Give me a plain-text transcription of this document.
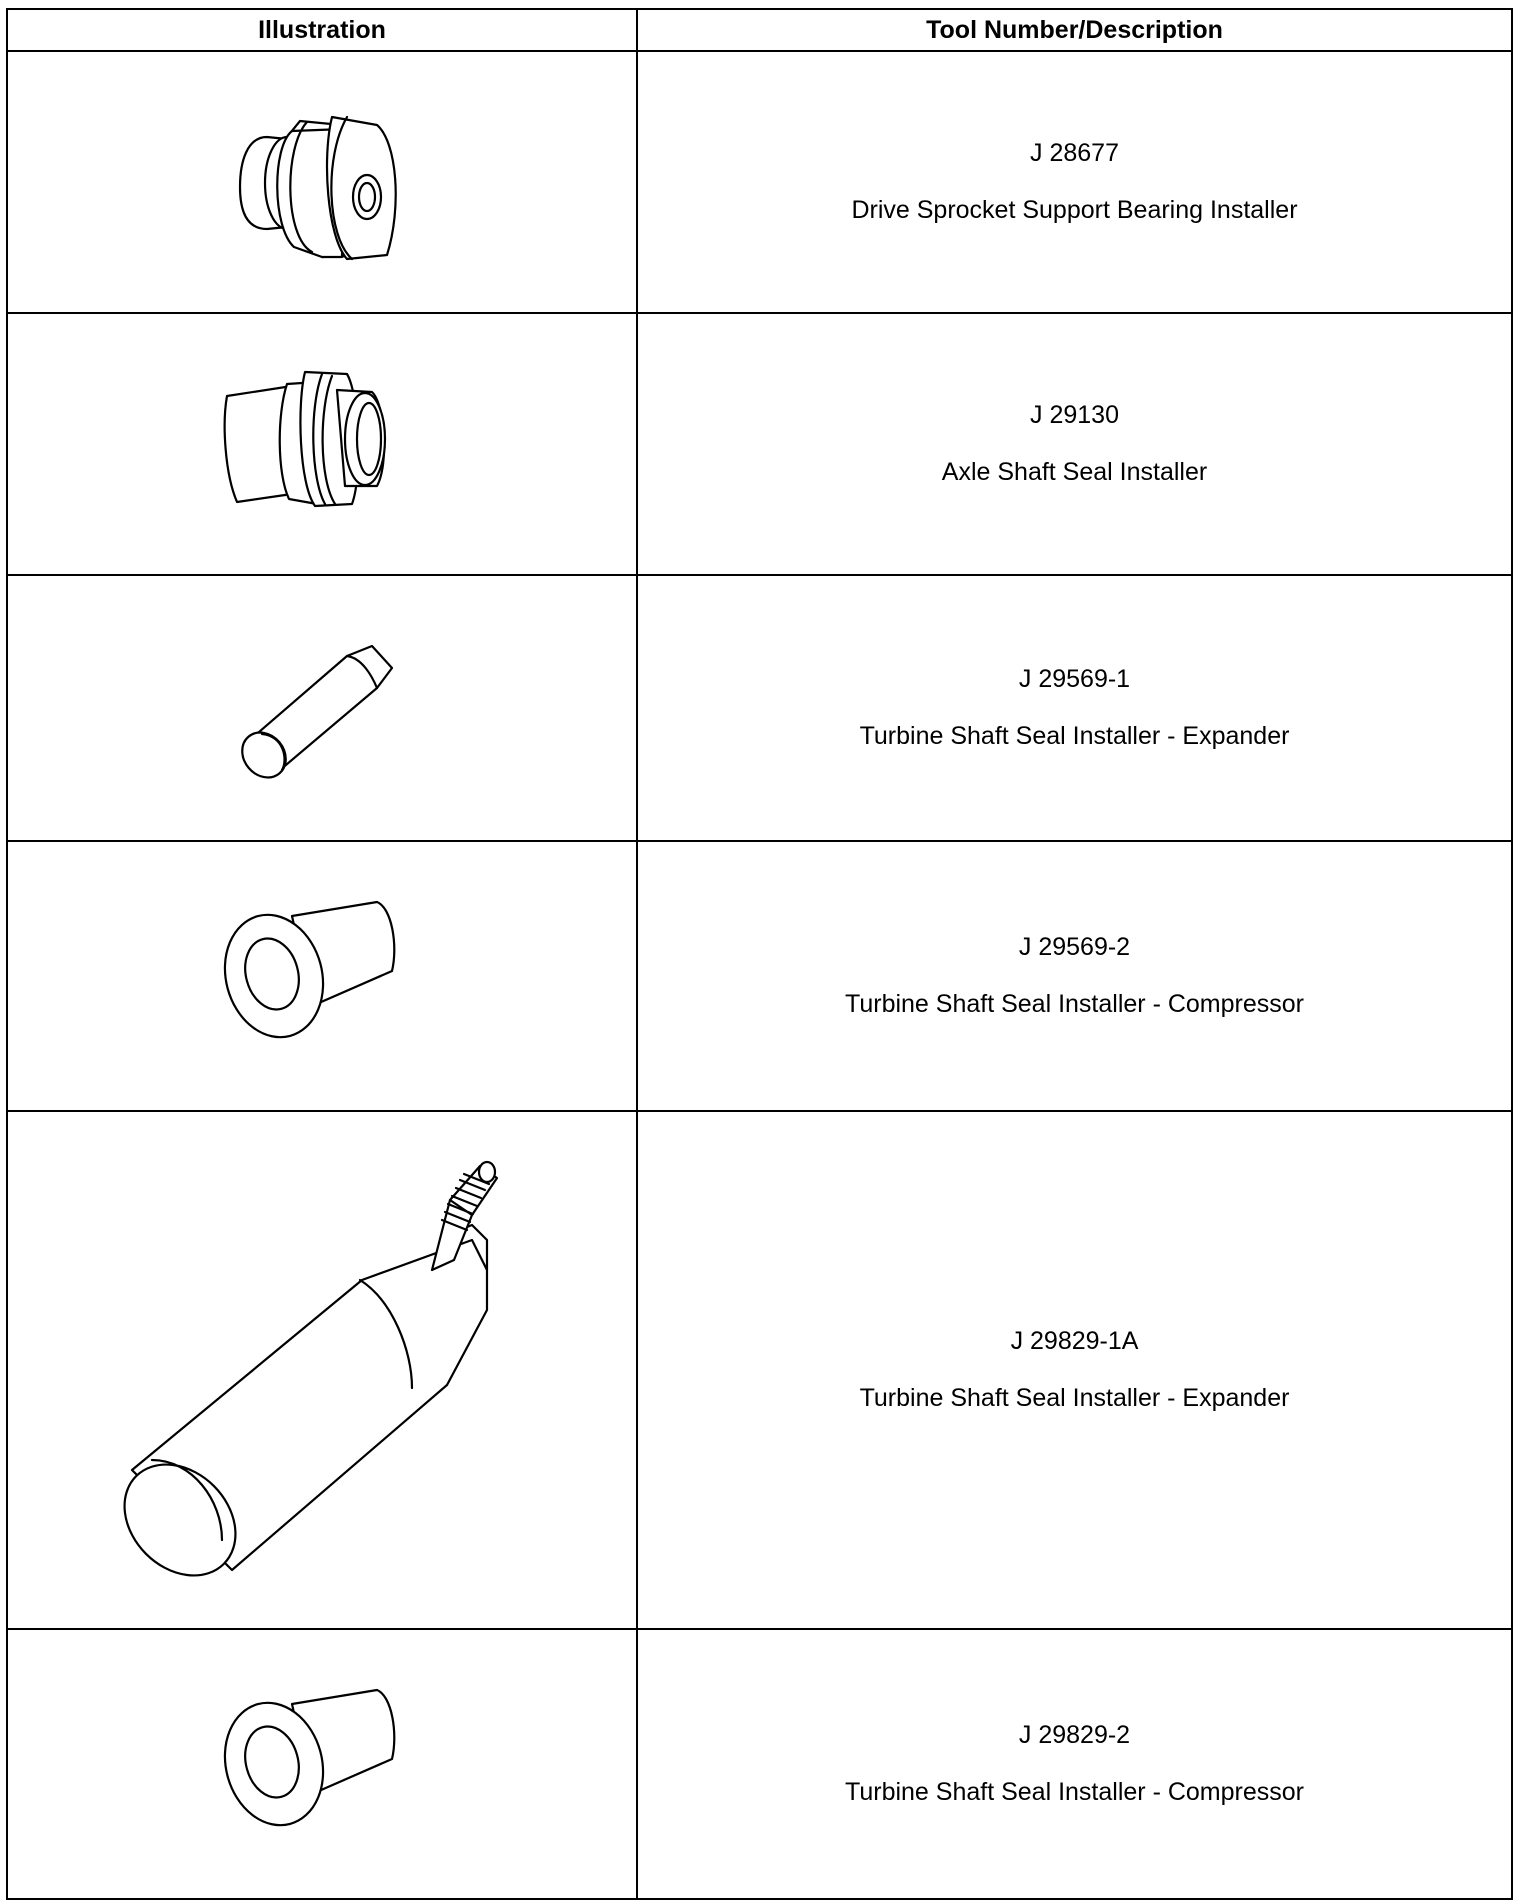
Illustration	Tool Number/Description

J 28677
Drive Sprocket Support Bearing Installer

J 29130
Axle Shaft Seal Installer

J 29569-1
Turbine Shaft Seal Installer - Expander

J 29569-2
Turbine Shaft Seal Installer - Compressor

J 29829-1A
Turbine Shaft Seal Installer - Expander

J 29829-2
Turbine Shaft Seal Installer - Compressor
